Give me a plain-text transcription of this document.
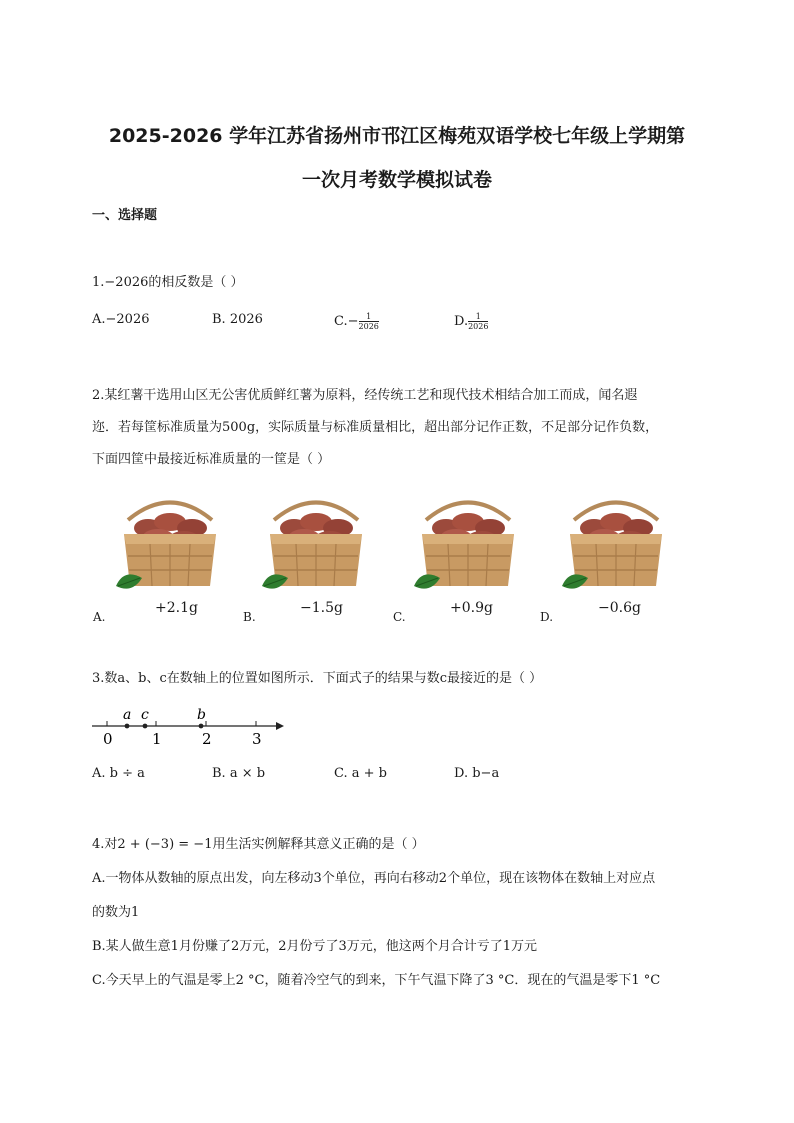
2025-2026 学年江苏省扬州市邗江区梅苑双语学校七年级上学期第
一次月考数学模拟试卷
一、选择题
1.−2026的相反数是（ ）
A.−2026	B. 2026	$C.- \frac{1}{2026}$	D. $\frac{1}{2026}$
2.某红薯干选用山区无公害优质鲜红薯为原料，经传统工艺和现代技术相结合加工而成，闻名遐
迩．若每筐标准质量为500g，实际质量与标准质量相比，超出部分记作正数，不足部分记作负数，
下面四筐中最接近标准质量的一筐是（ ）
A.
+2.1g
B.
−1.5g
C.
+0.9g
D.
−0.6g
3.数a、b、c在数轴上的位置如图所示．下面式子的结果与数c最接近的是（ ）
0	1	2	3
a c	b
A. b ÷ a	B. a × b	C. a + b	D. b−a
4.对2 + (−3) = −1用生活实例解释其意义正确的是（ ）
A.一物体从数轴的原点出发，向左移动3个单位，再向右移动2个单位，现在该物体在数轴上对应点
的数为1
B.某人做生意1月份赚了2万元，2月份亏了3万元，他这两个月合计亏了1万元
C.今天早上的气温是零上2 °C，随着冷空气的到来，下午气温下降了3 °C．现在的气温是零下1 °C
